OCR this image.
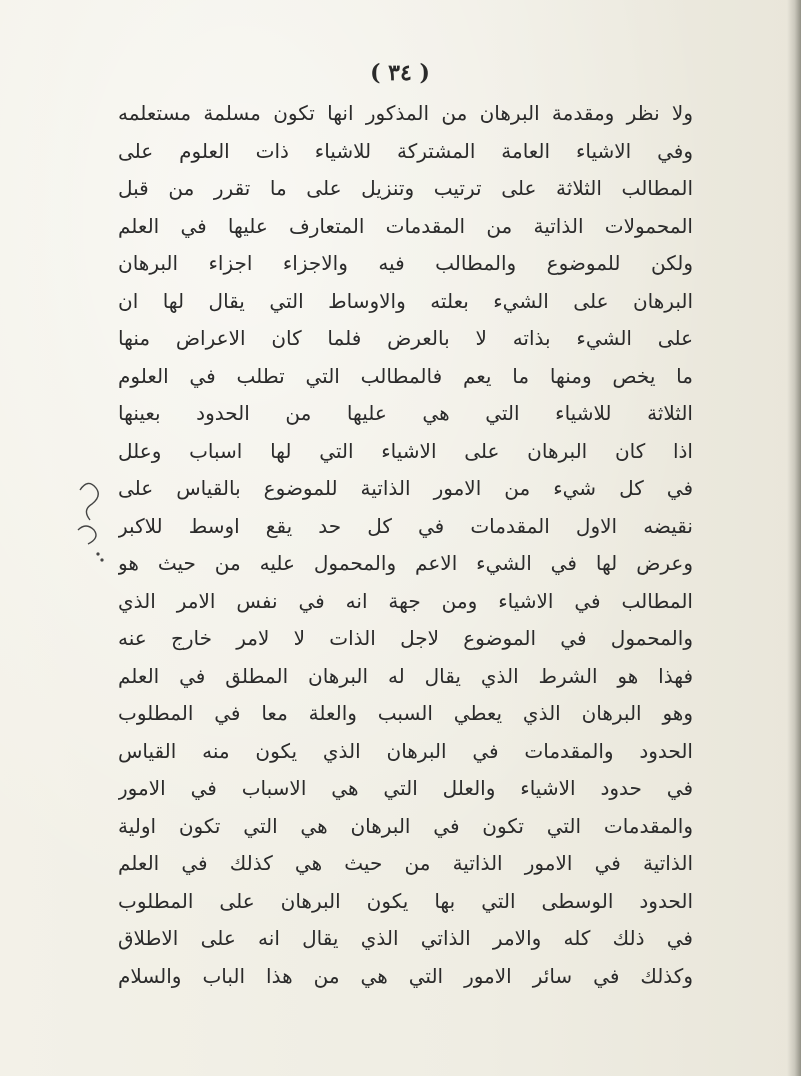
( ٣٤ )
ولا نظر ومقدمة البرهان من المذكور انها تكون مسلمة مستعلمه
وفي الاشياء العامة المشتركة للاشياء ذات العلوم على
المطالب الثلاثة على ترتيب وتنزيل على ما تقرر من قبل
المحمولات الذاتية من المقدمات المتعارف عليها في العلم
ولكن للموضوع والمطالب فيه والاجزاء اجزاء البرهان
البرهان على الشيء بعلته والاوساط التي يقال لها ان
على الشيء بذاته لا بالعرض فلما كان الاعراض منها
ما يخص ومنها ما يعم فالمطالب التي تطلب في العلوم
الثلاثة للاشياء التي هي عليها من الحدود بعينها
اذا كان البرهان على الاشياء التي لها اسباب وعلل
في كل شيء من الامور الذاتية للموضوع بالقياس على
نقيضه الاول المقدمات في كل حد يقع اوسط للاكبر
وعرض لها في الشيء الاعم والمحمول عليه من حيث هو
المطالب في الاشياء ومن جهة انه في نفس الامر الذي
والمحمول في الموضوع لاجل الذات لا لامر خارج عنه
فهذا هو الشرط الذي يقال له البرهان المطلق في العلم
وهو البرهان الذي يعطي السبب والعلة معا في المطلوب
الحدود والمقدمات في البرهان الذي يكون منه القياس
في حدود الاشياء والعلل التي هي الاسباب في الامور
والمقدمات التي تكون في البرهان هي التي تكون اولية
الذاتية في الامور الذاتية من حيث هي كذلك في العلم
الحدود الوسطى التي بها يكون البرهان على المطلوب
في ذلك كله والامر الذاتي الذي يقال انه على الاطلاق
وكذلك في سائر الامور التي هي من هذا الباب والسلام
